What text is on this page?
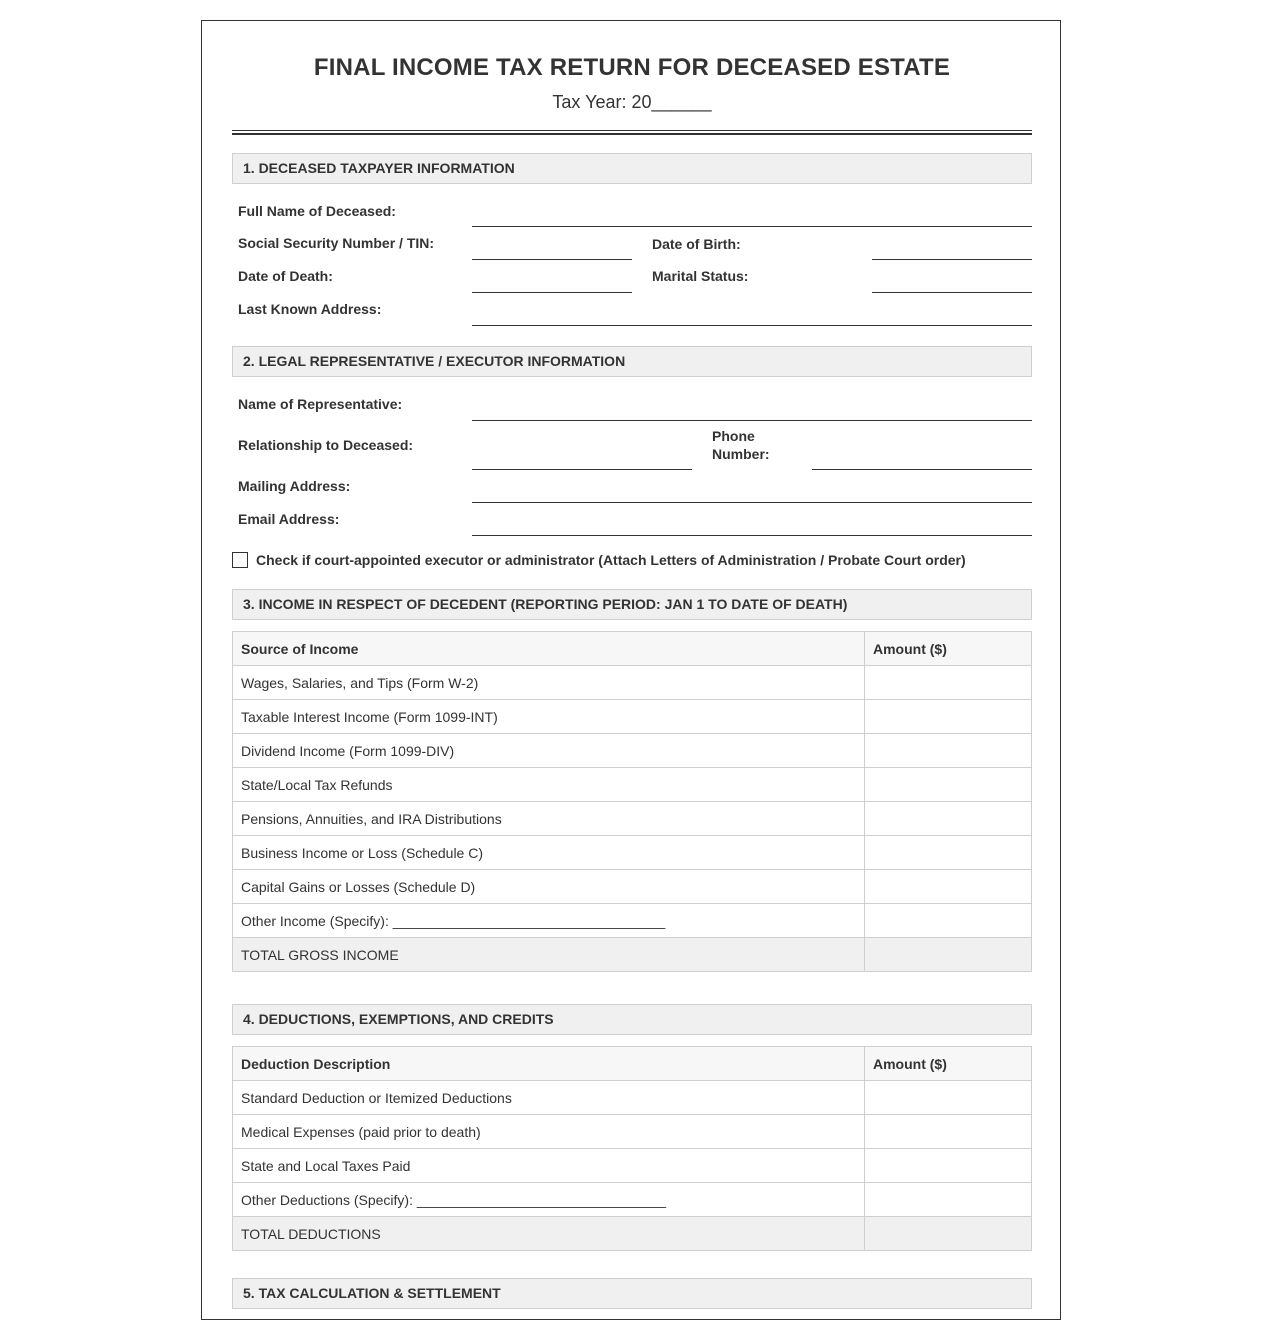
FINAL INCOME TAX RETURN FOR DECEASED ESTATE
Tax Year: 20______
1. DECEASED TAXPAYER INFORMATION
Full Name of Deceased:
Social Security Number / TIN:	Date of Birth:
Date of Death:	Marital Status:
Last Known Address:
2. LEGAL REPRESENTATIVE / EXECUTOR INFORMATION
Name of Representative:
Relationship to Deceased:
Phone
Number:
Mailing Address:
Email Address:
Check if court-appointed executor or administrator (Attach Letters of Administration / Probate Court order)
3. INCOME IN RESPECT OF DECEDENT (REPORTING PERIOD: JAN 1 TO DATE OF DEATH)
Source of Income	Amount ($)
Wages, Salaries, and Tips (Form W-2)	
Taxable Interest Income (Form 1099-INT)	
Dividend Income (Form 1099-DIV)	
State/Local Tax Refunds	
Pensions, Annuities, and IRA Distributions	
Business Income or Loss (Schedule C)	
Capital Gains or Losses (Schedule D)	
Other Income (Specify): ___________________________________	
TOTAL GROSS INCOME	
4. DEDUCTIONS, EXEMPTIONS, AND CREDITS
Deduction Description	Amount ($)
Standard Deduction or Itemized Deductions	
Medical Expenses (paid prior to death)	
State and Local Taxes Paid	
Other Deductions (Specify): ________________________________	
TOTAL DEDUCTIONS	
5. TAX CALCULATION & SETTLEMENT
